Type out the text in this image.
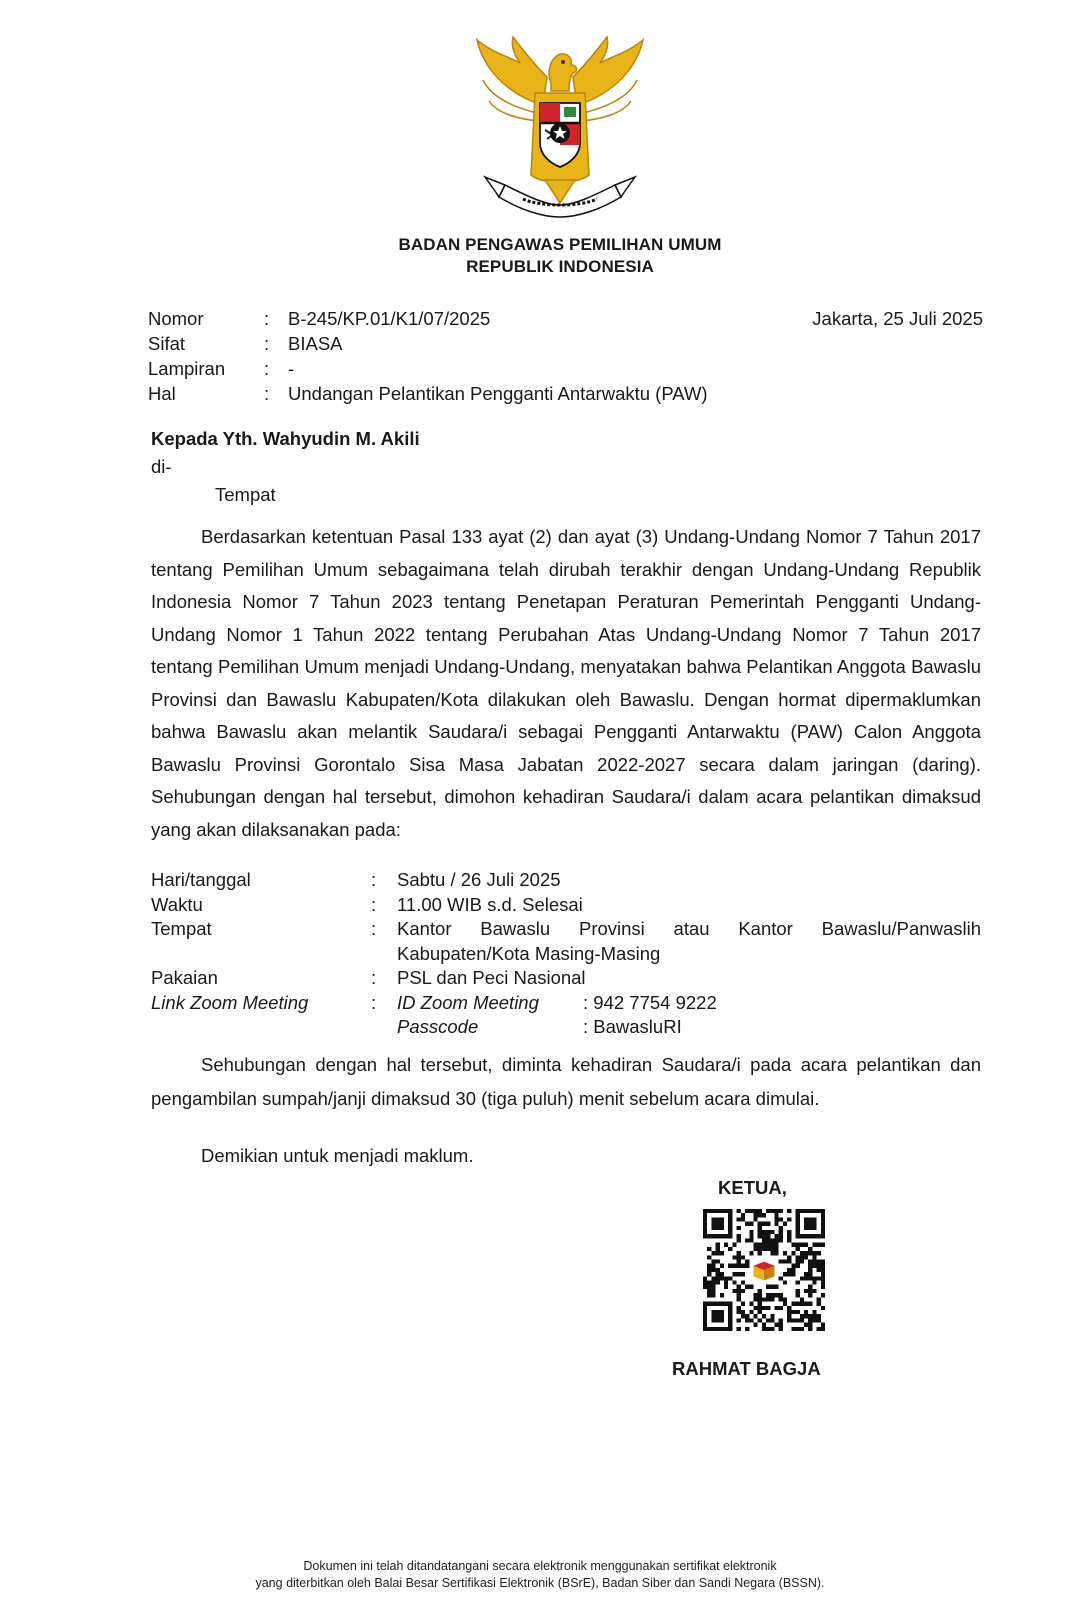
BADAN PENGAWAS PEMILIHAN UMUM
REPUBLIK INDONESIA
Jakarta, 25 Juli 2025
Nomor	: B-245/KP.01/K1/07/2025
Sifat	: BIASA
Lampiran : -
Hal	: Undangan Pelantikan Pengganti Antarwaktu (PAW)
Kepada Yth. Wahyudin M. Akili
di-
Tempat
Berdasarkan ketentuan Pasal 133 ayat (2) dan ayat (3) Undang-Undang Nomor 7 Tahun 2017 tentang Pemilihan Umum sebagaimana telah dirubah terakhir dengan Undang-Undang Republik Indonesia Nomor 7 Tahun 2023 tentang Penetapan Peraturan Pemerintah Pengganti Undang-Undang Nomor 1 Tahun 2022 tentang Perubahan Atas Undang-Undang Nomor 7 Tahun 2017 tentang Pemilihan Umum menjadi Undang-Undang, menyatakan bahwa Pelantikan Anggota Bawaslu Provinsi dan Bawaslu Kabupaten/Kota dilakukan oleh Bawaslu. Dengan hormat dipermaklumkan bahwa Bawaslu akan melantik Saudara/i sebagai Pengganti Antarwaktu (PAW) Calon Anggota Bawaslu Provinsi Gorontalo Sisa Masa Jabatan 2022-2027 secara dalam jaringan (daring). Sehubungan dengan hal tersebut, dimohon kehadiran Saudara/i dalam acara pelantikan dimaksud yang akan dilaksanakan pada:
Hari/tanggal	: Sabtu / 26 Juli 2025
Waktu	: 11.00 WIB s.d. Selesai
Tempat	: Kantor Bawaslu Provinsi atau Kantor Bawaslu/Panwaslih Kabupaten/Kota Masing-Masing
Pakaian	: PSL dan Peci Nasional
Link Zoom Meeting	: ID Zoom Meeting : 942 7754 9222
Passcode	: BawasluRI
Sehubungan dengan hal tersebut, diminta kehadiran Saudara/i pada acara pelantikan dan pengambilan sumpah/janji dimaksud 30 (tiga puluh) menit sebelum acara dimulai.
Demikian untuk menjadi maklum.
KETUA,
RAHMAT BAGJA
Dokumen ini telah ditandatangani secara elektronik menggunakan sertifikat elektronik
yang diterbitkan oleh Balai Besar Sertifikasi Elektronik (BSrE), Badan Siber dan Sandi Negara (BSSN).
